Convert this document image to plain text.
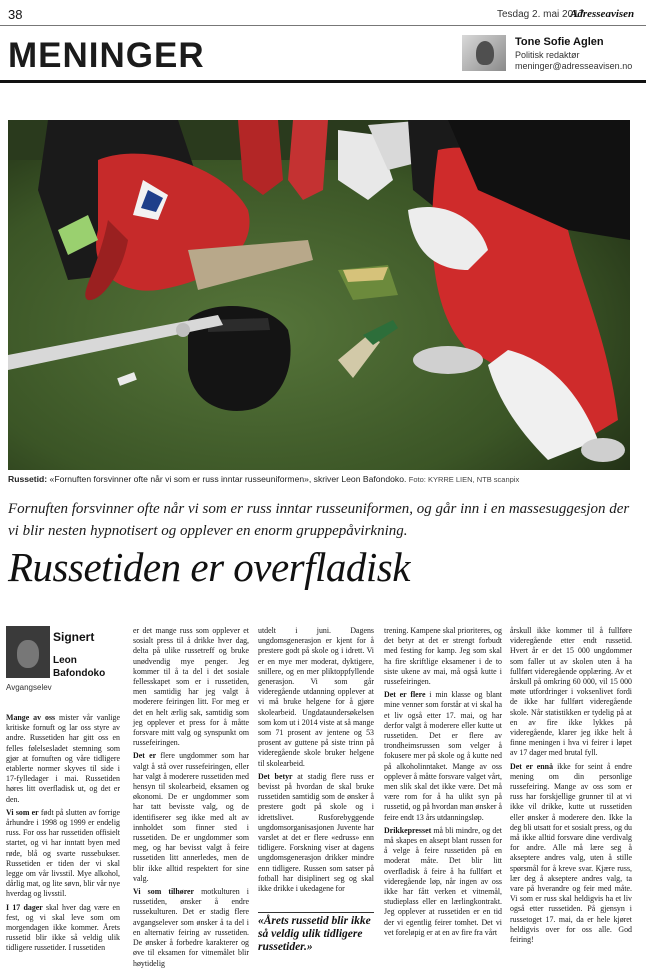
38	Tesdag 2. mai 2017
Adresseavisen
MENINGER	Tone Sofie Aglen
Politisk redaktør
meninger@adresseavisen.no
Russetid: «Fornuften forsvinner ofte når vi som er russ inntar russeuniformen», skriver Leon Bafondoko. Foto: KYRRE LIEN, NTB scanpix
Fornuften forsvinner ofte når vi som er russ inntar russeuniformen, og går inn i en massesuggesjon der vi blir nesten hypnotisert og opplever en enorm gruppepåvirkning.
Russetiden er overfladisk
Signert
Leon Bafondoko
Avgangselev

Mange av oss mister vår vanlige kritiske fornuft og lar oss styre av andre. Russetiden har gitt oss en felles følelsesladet stemning som gjør at fornuften og våre tidligere etablerte normer skyves til side i 17-fylledager i mai. Russetiden høres litt overfladisk ut, og det er den.

Vi som er født på slutten av forrige århundre i 1998 og 1999 er endelig russ. For oss har russetiden offisielt startet, og vi har inntatt byen med røde, blå og svarte russebukser. Russetiden er tiden der vi skal legge om vår livsstil. Mye alkohol, dårlig mat, og lite søvn, blir vår nye hverdag og livsstil.

I 17 dager skal hver dag være en fest, og vi skal leve som om morgendagen ikke kommer. Årets russetid blir ikke så veldig ulik tidligere russetider. I russetiden

er det mange russ som opplever et sosialt press til å drikke hver dag, delta på ulike russetreff og bruke unødvendig mye penger. Jeg kommer til å ta del i det sosiale fellesskapet som er i russetiden, men samtidig har jeg valgt å moderere feiringen litt. For meg er det en helt ærlig sak, samtidig som jeg opplever et press for å måtte forsvare mitt valg og synspunkt om russefeiringen.

Det er flere ungdommer som har valgt å stå over russefeiringen, eller har valgt å moderere russetiden med hensyn til skolearbeid, eksamen og økonomi. De er ungdommer som har tatt bevisste valg, og de identifiserer seg ikke med alt av innholdet som finner sted i russetiden. De er ungdommer som meg, og har bevisst valgt å feire russetiden litt annerledes, men de blir ikke alltid respektert for sine valg.

Vi som tilhører motkulturen i russetiden, ønsker å endre russekulturen. Det er stadig flere avgangselever som ønsker å ta del i en alternativ feiring av russetiden. De ønsker å forbedre karakterer og øve til eksamen for vitnemålet blir høytidelig

utdelt i juni. Dagens ungdomsgenerasjon er kjent for å prestere godt på skole og i idrett. Vi er en mye mer moderat, dyktigere, snillere, og en mer pliktoppfyllende generasjon. Vi som går videregående utdanning opplever at vi må bruke helgene for å gjøre skolearbeid. Ungdataundersøkelsen som kom ut i 2014 viste at så mange som 71 prosent av jentene og 53 prosent av guttene på siste trinn på videregående skole bruker helgene til skolearbeid.

Det betyr at stadig flere russ er bevisst på hvordan de skal bruke russetiden samtidig som de ønsker å prestere godt på skole og i idrettslivet. Rusforebyggende ungdomsorganisasjonen Juvente har varslet at det er flere «edruss» enn tidligere. Forskning viser at dagens ungdomsgenerasjon drikker mindre enn tidligere. Russen som satser på fotball har disiplinert seg og skal ikke drikke i ukedagene for

«Årets russetid blir ikke så veldig ulik tidligere russetider.»

trening. Kampene skal prioriteres, og det betyr at det er strengt forbudt med festing for kamp. Jeg som skal ha fire skriftlige eksamener i de to siste ukene av mai, må også kutte i russefeiringen.

Det er flere i min klasse og blant mine venner som forstår at vi skal ha et liv også etter 17. mai, og har derfor valgt å moderere eller kutte ut russetiden. Det er flere av trondheimsrussen som velger å fokusere mer på skole og å kutte ned på alkoholinntaket. Mange av oss opplever å måtte forsvare valget vårt, men slik skal det ikke være. Det må være rom for å ha ulikt syn på russetid, og på hvordan man ønsker å feire endt 13 års utdanningsløp.

Drikkepresset må bli mindre, og det må skapes en aksept blant russen for å velge å feire russetiden på en moderat måte. Det blir litt overfladisk å feire å ha fullført et videregående løp, når ingen av oss ikke har fått verken et vitnemål, studieplass eller en lærlingkontrakt. Jeg opplever at russetiden er en tid der vi egentlig feirer tomhet. Det vi vet foreløpig er at en av fire fra vårt

årskull ikke kommer til å fullføre videregående etter endt russetid. Hvert år er det 15 000 ungdommer som faller ut av skolen uten å ha fullført videregående opplæring. Av et årskull på omkring 60 000, vil 15 000 møte utfordringer i voksenlivet fordi de ikke har fullført videregående skole. Når statistikken er tydelig på at en av fire ikke lykkes på videregående, klarer jeg ikke helt å finne meningen i hva vi feirer i løpet av 17 dager med brutal fyll.

Det er ennå ikke for seint å endre mening om din personlige russefeiring. Mange av oss som er russ har forskjellige grunner til at vi ikke vil drikke, kutte ut russetiden eller ønsker å moderere den. Ikke la deg bli utsatt for et sosialt press, og du må ikke alltid forsvare dine verdivalg for andre. Alle må lære seg å akseptere andres valg, uten å stille spørsmål for å kreve svar. Kjære russ, lær deg å akseptere andres valg, ta vare på hverandre og feir med måte. Vi som er russ skal heldigvis ha et liv også etter russetiden. På gjensyn i russetoget 17. mai, da er hele kjøret heldigvis over for oss alle. God feiring!
